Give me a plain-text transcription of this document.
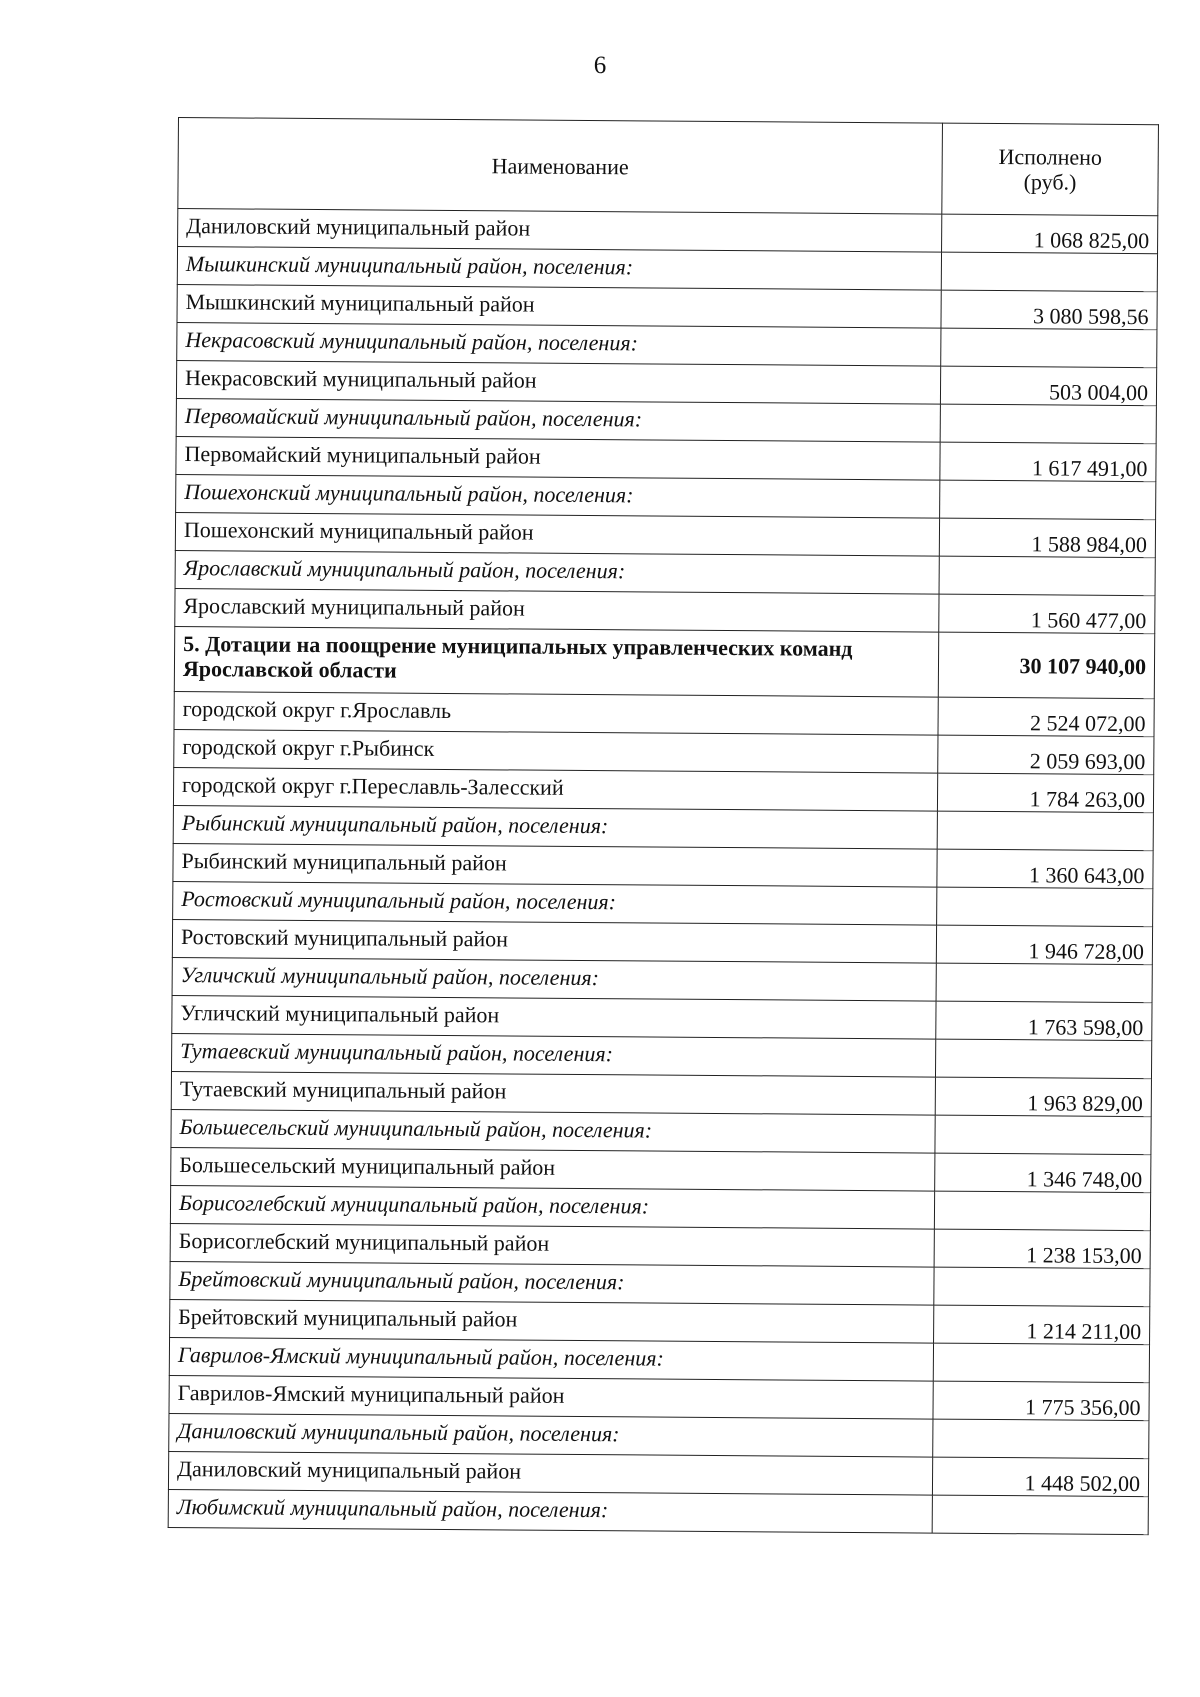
6
Наименование	Исполнено
(руб.)

Даниловский муниципальный район	1 068 825,00
Мышкинский муниципальный район, поселения:	
Мышкинский муниципальный район	3 080 598,56
Некрасовский муниципальный район, поселения:	
Некрасовский муниципальный район	503 004,00
Первомайский муниципальный район, поселения:	
Первомайский муниципальный район	1 617 491,00
Пошехонский муниципальный район, поселения:	
Пошехонский муниципальный район	1 588 984,00
Ярославский муниципальный район, поселения:	
Ярославский муниципальный район	1 560 477,00
5. Дотации на поощрение муниципальных управленческих команд Ярославской области	30 107 940,00
городской округ г.Ярославль	2 524 072,00
городской округ г.Рыбинск	2 059 693,00
городской округ г.Переславль-Залесский	1 784 263,00
Рыбинский муниципальный район, поселения:	
Рыбинский муниципальный район	1 360 643,00
Ростовский муниципальный район, поселения:	
Ростовский муниципальный район	1 946 728,00
Угличский муниципальный район, поселения:	
Угличский муниципальный район	1 763 598,00
Тутаевский муниципальный район, поселения:	
Тутаевский муниципальный район	1 963 829,00
Большесельский муниципальный район, поселения:	
Большесельский муниципальный район	1 346 748,00
Борисоглебский муниципальный район, поселения:	
Борисоглебский муниципальный район	1 238 153,00
Брейтовский муниципальный район, поселения:	
Брейтовский муниципальный район	1 214 211,00
Гаврилов-Ямский муниципальный район, поселения:	
Гаврилов-Ямский муниципальный район	1 775 356,00
Даниловский муниципальный район, поселения:	
Даниловский муниципальный район	1 448 502,00
Любимский муниципальный район, поселения:	
